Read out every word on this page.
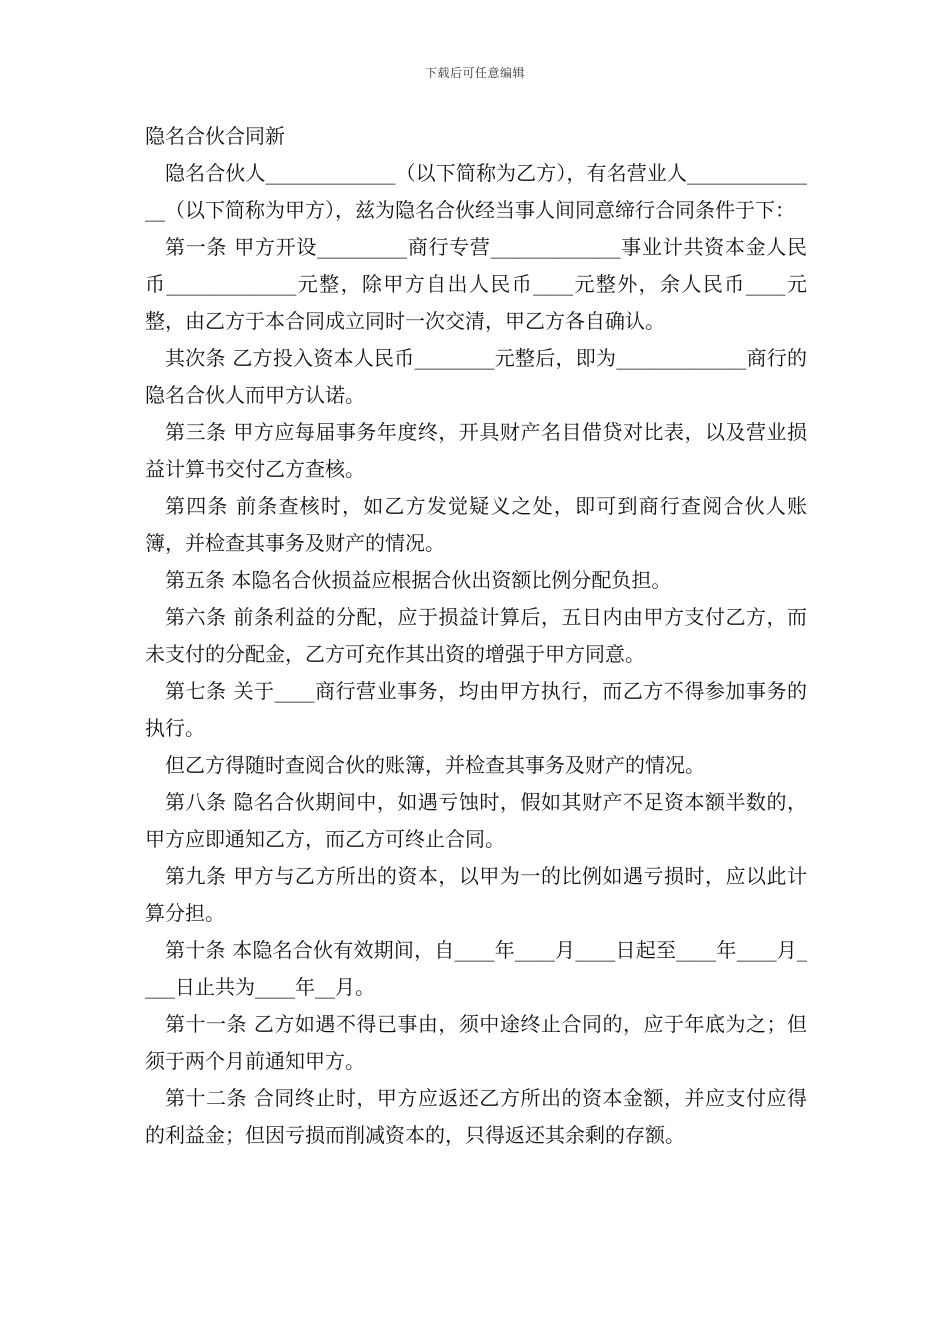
下载后可任意编辑

隐名合伙合同新

隐名合伙人_____________（以下简称为乙方），有名营业人______________（以下简称为甲方），兹为隐名合伙经当事人间同意缔行合同条件于下：

第一条 甲方开设_________商行专营_____________事业计共资本金人民币_____________元整，除甲方自出人民币____元整外，余人民币____元整，由乙方于本合同成立同时一次交清，甲乙方各自确认。

其次条 乙方投入资本人民币________元整后，即为_____________商行的隐名合伙人而甲方认诺。

第三条 甲方应每届事务年度终，开具财产名目借贷对比表，以及营业损益计算书交付乙方查核。

第四条 前条查核时，如乙方发觉疑义之处，即可到商行查阅合伙人账簿，并检查其事务及财产的情况。

第五条 本隐名合伙损益应根据合伙出资额比例分配负担。

第六条 前条利益的分配，应于损益计算后，五日内由甲方支付乙方，而未支付的分配金，乙方可充作其出资的增强于甲方同意。

第七条 关于____商行营业事务，均由甲方执行，而乙方不得参加事务的执行。

但乙方得随时查阅合伙的账簿，并检查其事务及财产的情况。

第八条 隐名合伙期间中，如遇亏蚀时，假如其财产不足资本额半数的，甲方应即通知乙方，而乙方可终止合同。

第九条 甲方与乙方所出的资本，以甲为一的比例如遇亏损时，应以此计算分担。

第十条 本隐名合伙有效期间，自____年____月____日起至____年____月____日止共为____年__月。

第十一条 乙方如遇不得已事由，须中途终止合同的，应于年底为之；但须于两个月前通知甲方。

第十二条 合同终止时，甲方应返还乙方所出的资本金额，并应支付应得的利益金；但因亏损而削减资本的，只得返还其余剩的存额。
